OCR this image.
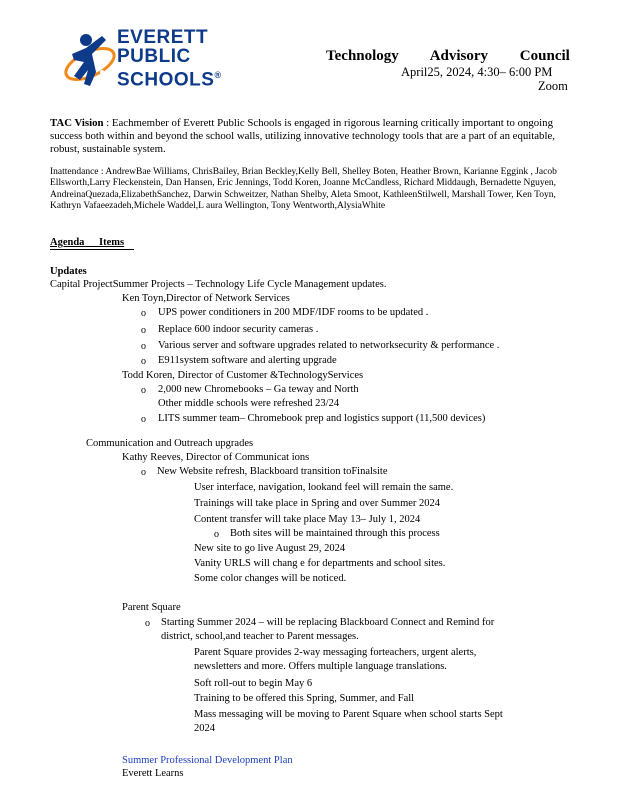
EVERETT
PUBLIC
SCHOOLS®
Technology Advisory Council
April25, 2024, 4:30– 6:00 PM
Zoom
TAC Vision : Eachmember of Everett Public Schools is engaged in rigorous learning critically important to ongoing success both within and beyond the school walls, utilizing innovative technology tools that are a part of an equitable, robust, sustainable system.
Inattendance : AndrewBae Williams, ChrisBailey, Brian Beckley,Kelly Bell, Shelley Boten, Heather Brown, Karianne Eggink , Jacob Ellsworth,Larry Fleckenstein, Dan Hansen, Eric Jennings, Todd Koren, Joanne McCandless, Richard Middaugh, Bernadette Nguyen, AndreinaQuezada,ElizabethSanchez, Darwin Schweitzer, Nathan Shelby, Aleta Smoot, KathleenStilwell, Marshall Tower, Ken Toyn, Kathryn Vafaeezadeh,Michele Waddel,L aura Wellington, Tony Wentworth,AlysiaWhite
Agenda Items
Updates
Capital ProjectSummer Projects – Technology Life Cycle Management updates.
Ken Toyn,Director of Network Services
o UPS power conditioners in 200 MDF/IDF rooms to be updated .
o Replace 600 indoor security cameras .
o Various server and software upgrades related to networksecurity & performance .
o E911system software and alerting upgrade
Todd Koren, Director of Customer &TechnologyServices
o 2,000 new Chromebooks – Ga teway and North
Other middle schools were refreshed 23/24
o LITS summer team– Chromebook prep and logistics support (11,500 devices)
Communication and Outreach upgrades
Kathy Reeves, Director of Communicat ions
o New Website refresh, Blackboard transition toFinalsite
User interface, navigation, lookand feel will remain the same.
Trainings will take place in Spring and over Summer 2024
Content transfer will take place May 13– July 1, 2024
o Both sites will be maintained through this process
New site to go live August 29, 2024
Vanity URLS will chang e for departments and school sites.
Some color changes will be noticed.
Parent Square
o Starting Summer 2024 – will be replacing Blackboard Connect and Remind for
district, school,and teacher to Parent messages.
Parent Square provides 2-way messaging forteachers, urgent alerts,
newsletters and more. Offers multiple language translations.
Soft roll-out to begin May 6
Training to be offered this Spring, Summer, and Fall
Mass messaging will be moving to Parent Square when school starts Sept
2024
Summer Professional Development Plan
Everett Learns
